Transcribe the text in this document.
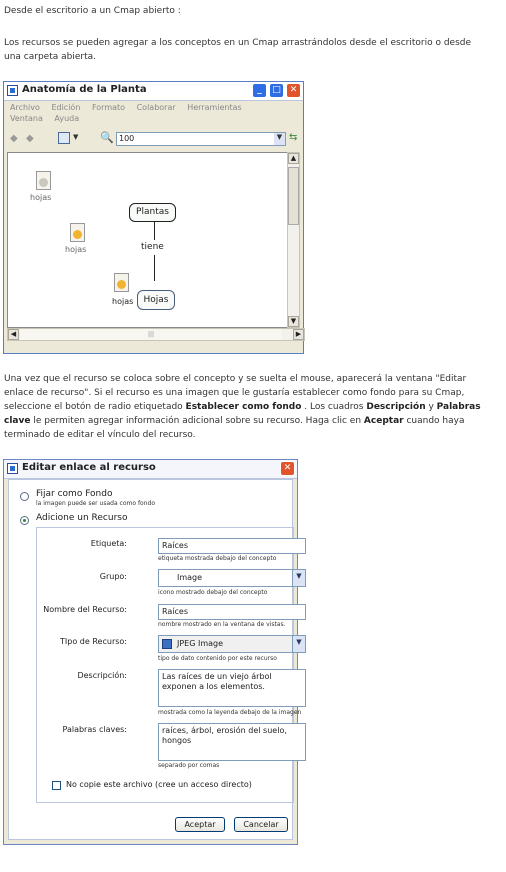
Desde el escritorio a un Cmap abierto :
Los recursos se pueden agregar a los conceptos en un Cmap arrastrándolos desde el escritorio o desde una carpeta abierta.
Anatomía de la Planta	_	□ ✕
Archivo Edición Formato Colaborar Herramientas Ventana Ayuda
◆ ◆	▼ 🔍 100	▼ ⇆
hojas
hojas
Plantas
tiene
hojas	Hojas
▲
▼
◀	|||	▶
Una vez que el recurso se coloca sobre el concepto y se suelta el mouse, aparecerá la ventana "Editar enlace de recurso". Si el recurso es una imagen que le gustaría establecer como fondo para su Cmap, seleccione el botón de radio etiquetado Establecer como fondo . Los cuadros Descripción y Palabras clave le permiten agregar información adicional sobre su recurso. Haga clic en Aceptar cuando haya terminado de editar el vínculo del recurso.
Editar enlace al recurso	✕
Fijar como Fondo
la imagen puede ser usada como fondo
Adicione un Recurso
Etiqueta:	Raíces
etiqueta mostrada debajo del concepto
Grupo:	Image	▼
icono mostrado debajo del concepto
Nombre del Recurso:	Raíces
nombre mostrado en la ventana de vistas.
TIpo de Recurso:	JPEG Image	▼
tipo de dato contenido por este recurso
Descripción:	Las raíces de un viejo árbol exponen a los elementos.
mostrada como la leyenda debajo de la imagen
Palabras claves:	raíces, árbol, erosión del suelo, hongos
separado por comas
No copie este archivo (cree un acceso directo)
Aceptar	Cancelar
